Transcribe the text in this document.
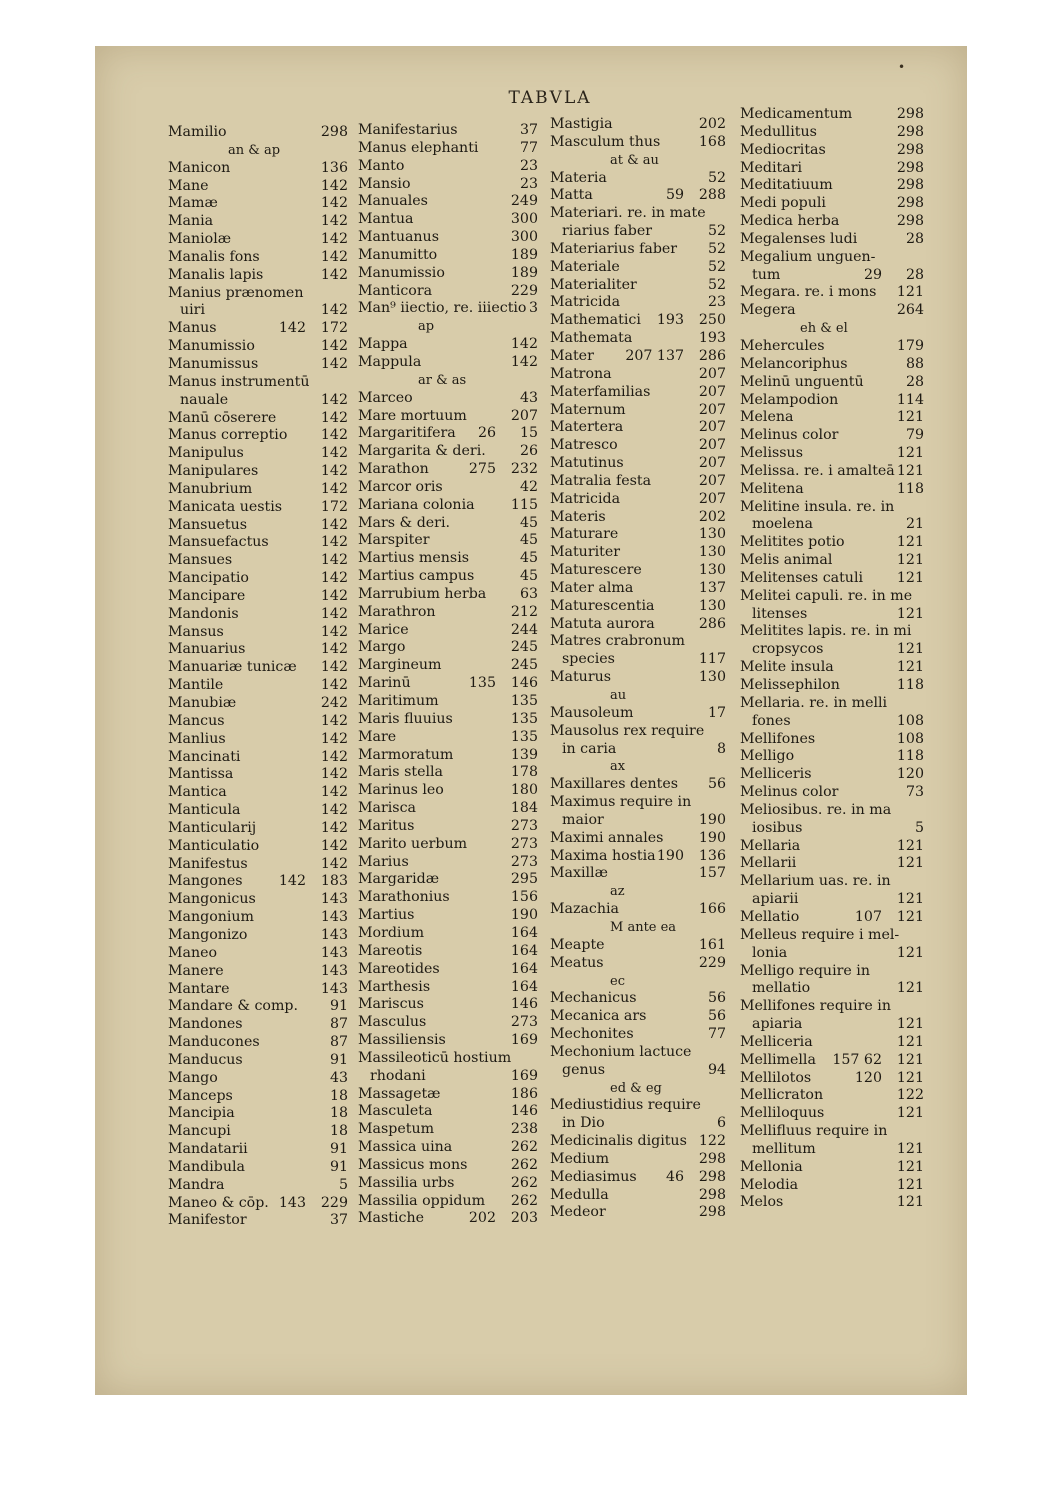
•
TABVLA
Mamilio	298
an & ap
Manicon	136
Mane	142
Mamæ	142
Mania	142
Maniolæ	142
Manalis fons	142
Manalis lapis	142
Manius prænomen
uiri	142
Manus	142 172
Manumissio	142
Manumissus	142
Manus instrumentū
nauale	142
Manū cōserere	142
Manus correptio 142
Manipulus	142
Manipulares	142
Manubrium	142
Manicata uestis	172
Mansuetus	142
Mansuefactus	142
Mansues	142
Mancipatio	142
Mancipare	142
Mandonis	142
Mansus	142
Manuarius	142
Manuariæ tunicæ 142
Mantile	142
Manubiæ	242
Mancus	142
Manlius	142
Mancinati	142
Mantissa	142
Mantica	142
Manticula	142
Manticularij	142
Manticulatio	142
Manifestus	142
Mangones	142 183
Mangonicus	143
Mangonium	143
Mangonizo	143
Maneo	143
Manere	143
Mantare	143
Mandare & comp. 91
Mandones	87
Manducones	87
Manducus	91
Mango	43
Manceps	18
Mancipia	18
Mancupi	18
Mandatarii	91
Mandibula	91
Mandra	5
Maneo & cōp. 143 229
Manifestor	37
Manifestarius	37
Manus elephanti	77
Manto	23
Mansio	23
Manuales	249
Mantua	300
Mantuanus	300
Manumitto	189
Manumissio	189
Manticora	229
Man⁹ iiectio, re. iiiectio 3
ap
Mappa	142
Mappula	142
ar & as
Marceo	43
Mare mortuum	207
Margaritifera 26 15
Margarita & deri. 26
Marathon	275 232
Marcor oris	42
Mariana colonia	115
Mars & deri.	45
Marspiter	45
Martius mensis	45
Martius campus	45
Marrubium herba 63
Marathron	212
Marice	244
Margo	245
Margineum	245
Marinū	135 146
Maritimum	135
Maris fluuius	135
Mare	135
Marmoratum	139
Maris stella	178
Marinus leo	180
Marisca	184
Maritus	273
Marito uerbum	273
Marius	273
Margaridæ	295
Marathonius	156
Martius	190
Mordium	164
Mareotis	164
Mareotides	164
Marthesis	164
Mariscus	146
Masculus	273
Massiliensis	169
Massileoticū hostium
rhodani	169
Massagetæ	186
Masculeta	146
Maspetum	238
Massica uina	262
Massicus mons	262
Massilia urbs	262
Massilia oppidum 262
Mastiche	202 203
Mastigia	202
Masculum thus	168
at & au
Materia	52
Matta	59 288
Materiari. re. in mate
riarius faber	52
Materiarius faber 52
Materiale	52
Materialiter	52
Matricida	23
Mathematici 193 250
Mathemata	193
Mater 207 137 286
Matrona	207
Materfamilias	207
Maternum	207
Matertera	207
Matresco	207
Matutinus	207
Matralia festa	207
Matricida	207
Materis	202
Maturare	130
Maturiter	130
Maturescere	130
Mater alma	137
Maturescentia	130
Matuta aurora	286
Matres crabronum
species	117
Maturus	130
au
Mausoleum	17
Mausolus rex require
in caria	8
ax
Maxillares dentes 56
Maximus require in
maior	190
Maximi annales 190
Maxima hostia 190 136
Maxillæ	157
az
Mazachia	166
M ante ea
Meapte	161
Meatus	229
ec
Mechanicus	56
Mecanica ars	56
Mechonites	77
Mechonium lactuce
genus	94
ed & eg
Mediustidius require
in Dio	6
Medicinalis digitus 122
Medium	298
Mediasimus 46 298
Medulla	298
Medeor	298
Medicamentum	298
Medullitus	298
Mediocritas	298
Meditari	298
Meditatiuum	298
Medi populi	298
Medica herba	298
Megalenses ludi	28
Megalium unguen-
tum	29 28
Megara. re. i mons 121
Megera	264
eh & el
Mehercules	179
Melancoriphus	88
Melinū unguentū	28
Melampodion	114
Melena	121
Melinus color	79
Melissus	121
Melissa. re. i amalteā 121
Melitena	118
Melitine insula. re. in
moelena	21
Melitites potio	121
Melis animal	121
Melitenses catuli 121
Melitei capuli. re. in me
litenses	121
Melitites lapis. re. in mi
cropsycos	121
Melite insula	121
Melissephilon	118
Mellaria. re. in melli
fones	108
Mellifones	108
Melligo	118
Melliceris	120
Melinus color	73
Meliosibus. re. in ma
iosibus	5
Mellaria	121
Mellarii	121
Mellarium uas. re. in
apiarii	121
Mellatio	107 121
Melleus require i mel-
lonia	121
Melligo require in
mellatio	121
Mellifones require in
apiaria	121
Melliceria	121
Mellimella 157 62 121
Mellilotos	120 121
Mellicraton	122
Melliloquus	121
Mellifluus require in
mellitum	121
Mellonia	121
Melodia	121
Melos	121
